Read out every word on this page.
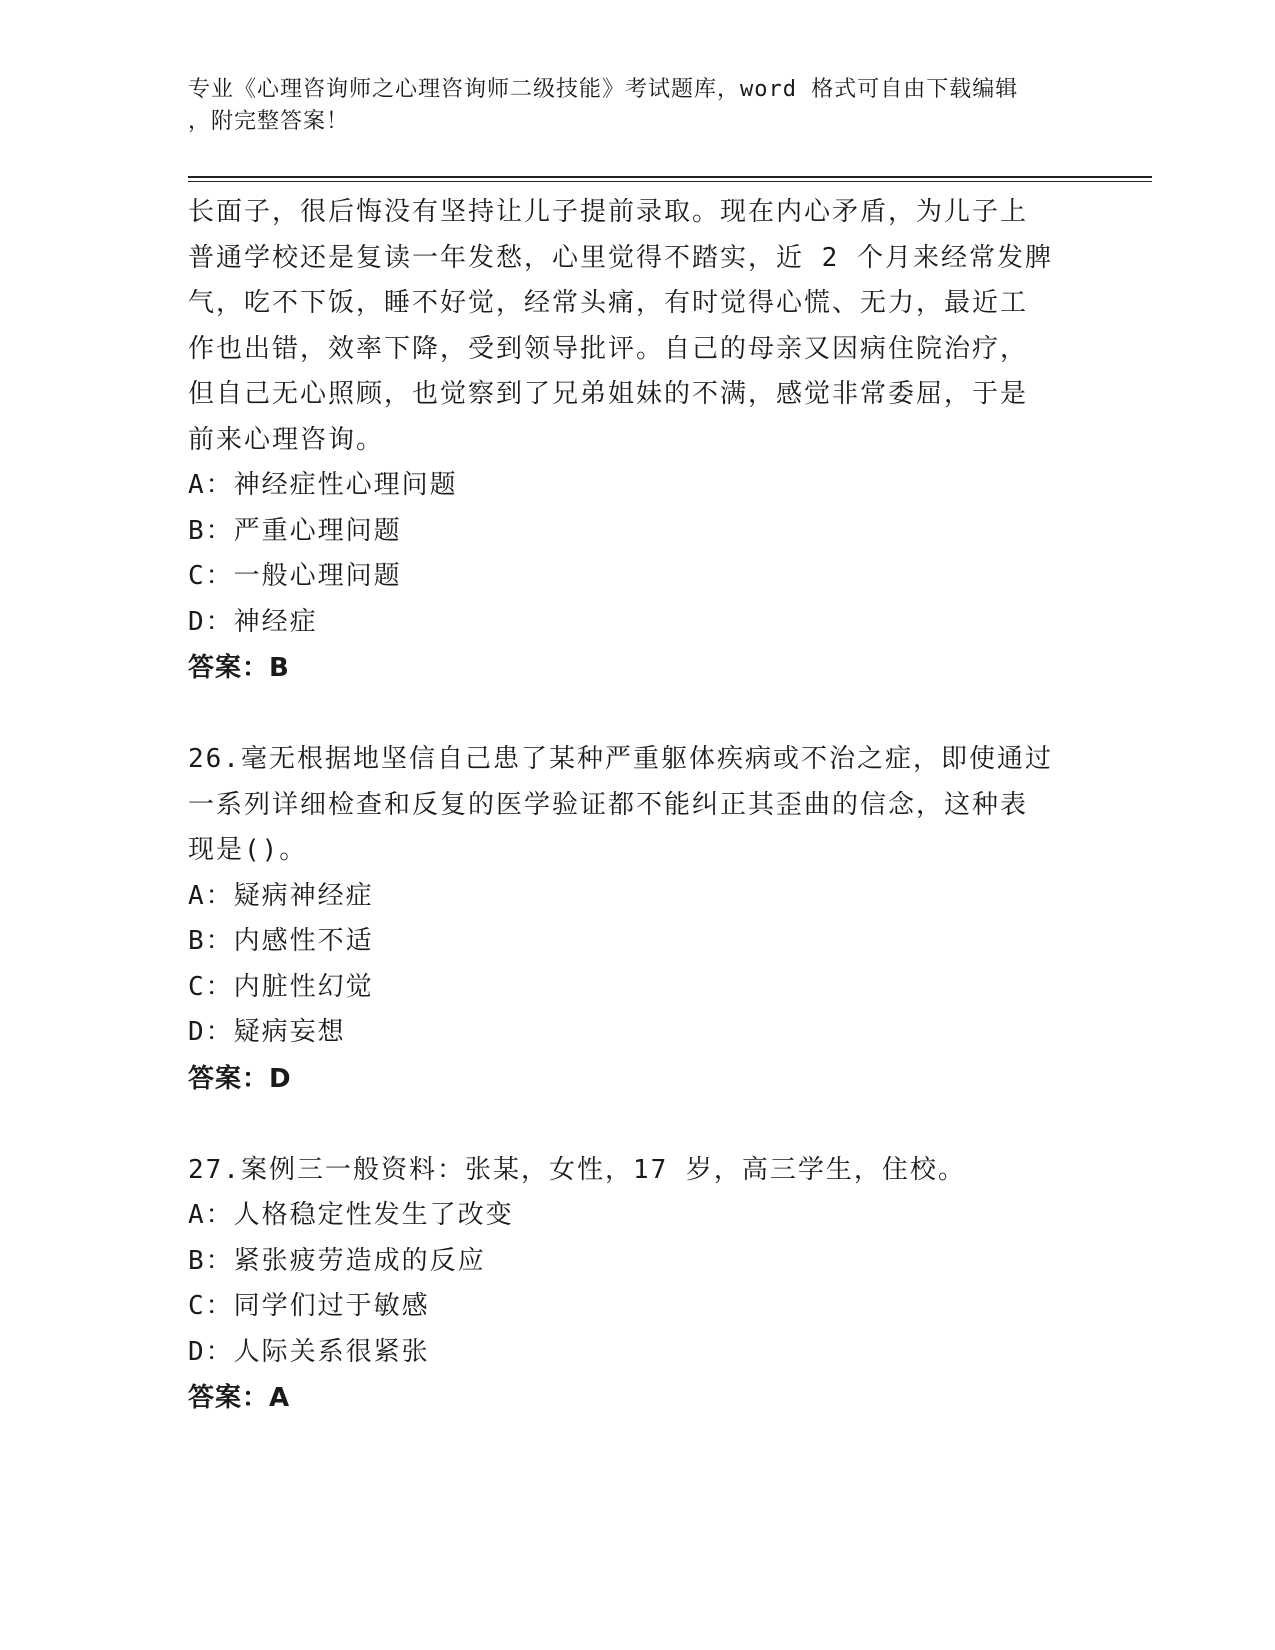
专业《心理咨询师之心理咨询师二级技能》考试题库，word 格式可自由下载编辑
，附完整答案！
长面子，很后悔没有坚持让儿子提前录取。现在内心矛盾，为儿子上
普通学校还是复读一年发愁，心里觉得不踏实，近 2 个月来经常发脾
气，吃不下饭，睡不好觉，经常头痛，有时觉得心慌、无力，最近工
作也出错，效率下降，受到领导批评。自己的母亲又因病住院治疗，
但自己无心照顾，也觉察到了兄弟姐妹的不满，感觉非常委屈，于是
前来心理咨询。
A：神经症性心理问题
B：严重心理问题
C：一般心理问题
D：神经症
答案：B
26.毫无根据地坚信自己患了某种严重躯体疾病或不治之症，即使通过
一系列详细检查和反复的医学验证都不能纠正其歪曲的信念，这种表
现是()。
A：疑病神经症
B：内感性不适
C：内脏性幻觉
D：疑病妄想
答案：D
27.案例三一般资料：张某，女性，17 岁，高三学生，住校。
A：人格稳定性发生了改变
B：紧张疲劳造成的反应
C：同学们过于敏感
D：人际关系很紧张
答案：A
